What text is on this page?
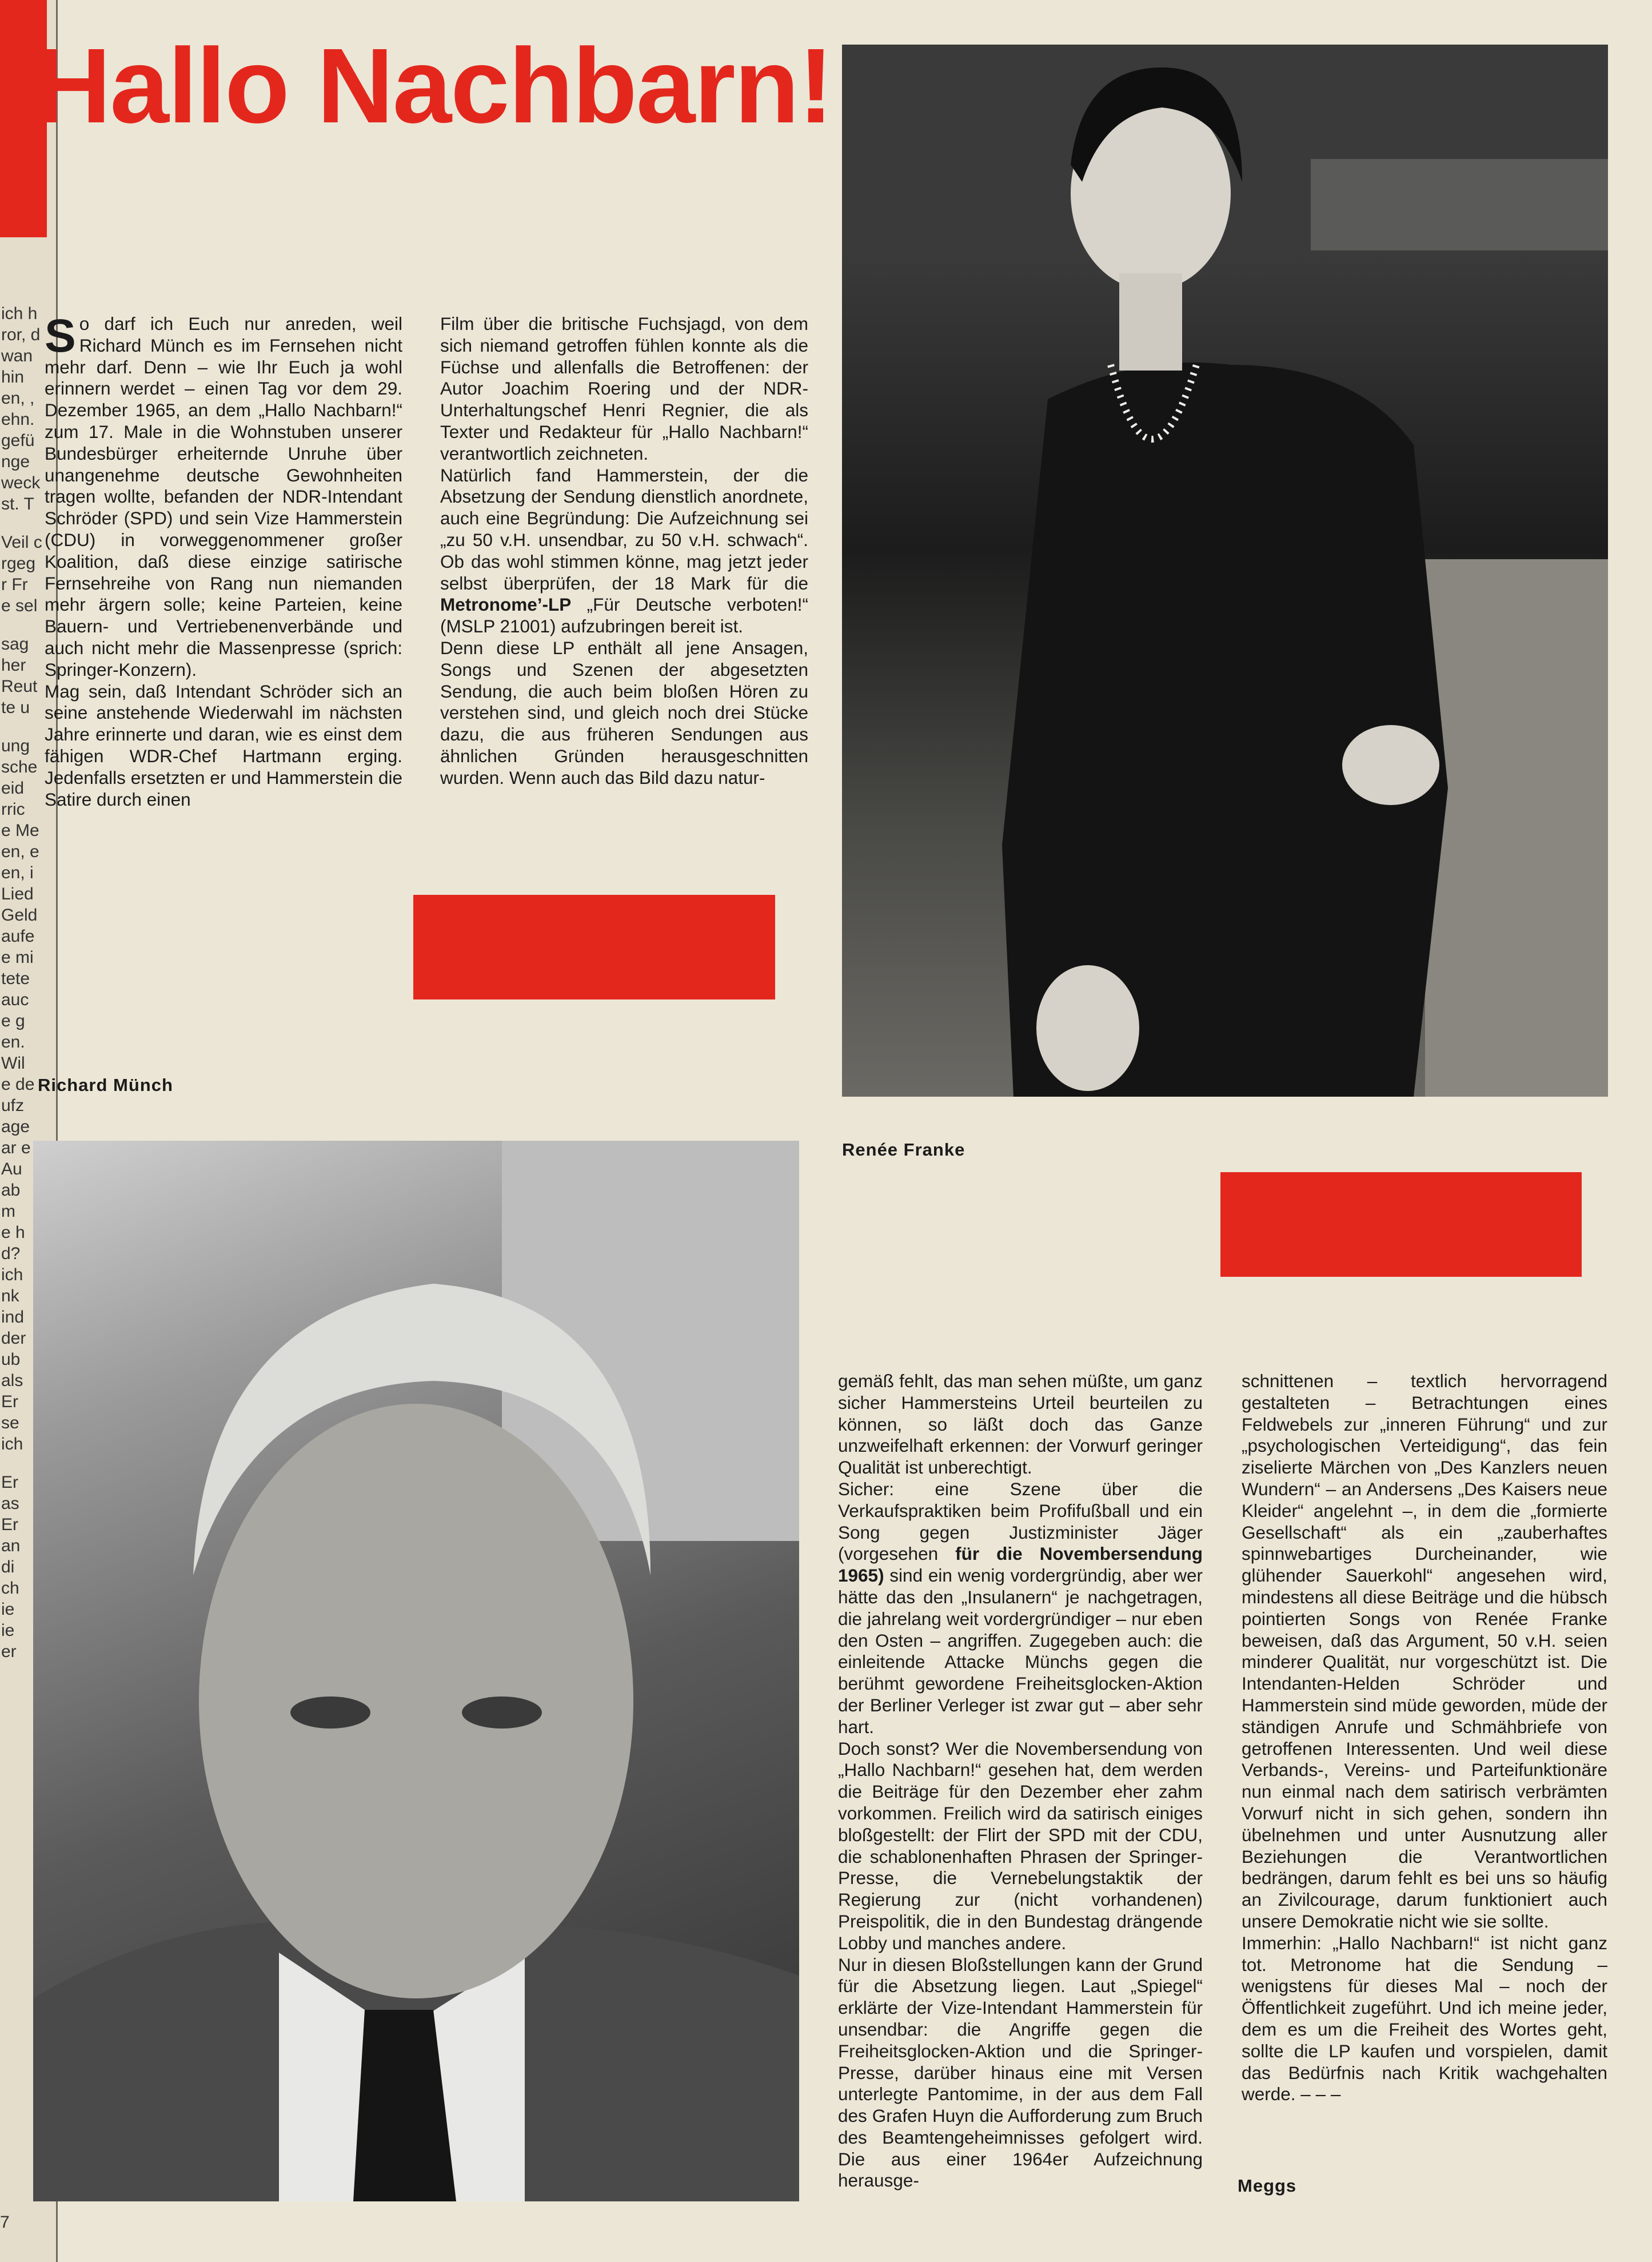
ich h
ror, d
wan
hin
en, ,
ehn.
gefü
nge
weck
st. T
Veil c
rgeg
r Fr
e sel
sag
her
Reut
te u
ung
sche
eid
rric
e Me
en, e
en, i
Lied
Geld
aufe
e mi
tete
auc
e g
en.
Wil
e de
ufz
age
ar e
Au
ab
m
e h
d?
ich
nk
ind
der
ub
als
Er
se
ich
Er
as
Er
an
di
ch
ie
ie
er
7
Hallo Nachbarn!

So darf ich Euch nur anreden, weil Richard Münch es im Fernsehen nicht mehr darf. Denn – wie Ihr Euch ja wohl erinnern werdet – einen Tag vor dem 29. Dezember 1965, an dem „Hallo Nachbarn!“ zum 17. Male in die Wohnstuben unserer Bundesbürger erheiternde Unruhe über unangenehme deutsche Gewohnheiten tragen wollte, befanden der NDR-Intendant Schröder (SPD) und sein Vize Hammerstein (CDU) in vorweggenommener großer Koalition, daß diese einzige satirische Fernsehreihe von Rang nun niemanden mehr ärgern solle; keine Parteien, keine Bauern- und Vertriebenenverbände und auch nicht mehr die Massenpresse (sprich: Springer-Konzern).

Mag sein, daß Intendant Schröder sich an seine anstehende Wiederwahl im nächsten Jahre erinnerte und daran, wie es einst dem fähigen WDR-Chef Hartmann erging. Jedenfalls ersetzten er und Hammerstein die Satire durch einen

Film über die britische Fuchsjagd, von dem sich niemand getroffen fühlen konnte als die Füchse und allenfalls die Betroffenen: der Autor Joachim Roering und der NDR-Unterhaltungschef Henri Regnier, die als Texter und Redakteur für „Hallo Nachbarn!“ verantwortlich zeichneten.

Natürlich fand Hammerstein, der die Absetzung der Sendung dienstlich anordnete, auch eine Begründung: Die Aufzeichnung sei „zu 50 v.H. unsendbar, zu 50 v.H. schwach“. Ob das wohl stimmen könne, mag jetzt jeder selbst überprüfen, der 18 Mark für die Metronome’-LP „Für Deutsche verboten!“ (MSLP 21001) aufzubringen bereit ist.

Denn diese LP enthält all jene Ansagen, Songs und Szenen der abgesetzten Sendung, die auch beim bloßen Hören zu verstehen sind, und gleich noch drei Stücke dazu, die aus früheren Sendungen aus ähnlichen Gründen herausgeschnitten wurden. Wenn auch das Bild dazu natur-

Richard Münch
Renée Franke

gemäß fehlt, das man sehen müßte, um ganz sicher Hammersteins Urteil beurteilen zu können, so läßt doch das Ganze unzweifelhaft erkennen: der Vorwurf geringer Qualität ist unberechtigt.

Sicher: eine Szene über die Verkaufspraktiken beim Profifußball und ein Song gegen Justizminister Jäger (vorgesehen für die Novembersendung 1965) sind ein wenig vordergründig, aber wer hätte das den „Insulanern“ je nachgetragen, die jahrelang weit vordergründiger – nur eben den Osten – angriffen. Zugegeben auch: die einleitende Attacke Münchs gegen die berühmt gewordene Freiheitsglocken-Aktion der Berliner Verleger ist zwar gut – aber sehr hart.

Doch sonst? Wer die Novembersendung von „Hallo Nachbarn!“ gesehen hat, dem werden die Beiträge für den Dezember eher zahm vorkommen. Freilich wird da satirisch einiges bloßgestellt: der Flirt der SPD mit der CDU, die schablonenhaften Phrasen der Springer-Presse, die Vernebelungstaktik der Regierung zur (nicht vorhandenen) Preispolitik, die in den Bundestag drängende Lobby und manches andere.

Nur in diesen Bloßstellungen kann der Grund für die Absetzung liegen. Laut „Spiegel“ erklärte der Vize-Intendant Hammerstein für unsendbar: die Angriffe gegen die Freiheitsglocken-Aktion und die Springer-Presse, darüber hinaus eine mit Versen unterlegte Pantomime, in der aus dem Fall des Grafen Huyn die Aufforderung zum Bruch des Beamtengeheimnisses gefolgert wird. Die aus einer 1964er Aufzeichnung herausge-

schnittenen – textlich hervorragend gestalteten – Betrachtungen eines Feldwebels zur „inneren Führung“ und zur „psychologischen Verteidigung“, das fein ziselierte Märchen von „Des Kanzlers neuen Wundern“ – an Andersens „Des Kaisers neue Kleider“ angelehnt –, in dem die „formierte Gesellschaft“ als ein „zauberhaftes spinnwebartiges Durcheinander, wie glühender Sauerkohl“ angesehen wird, mindestens all diese Beiträge und die hübsch pointierten Songs von Renée Franke beweisen, daß das Argument, 50 v.H. seien minderer Qualität, nur vorgeschützt ist. Die Intendanten-Helden Schröder und Hammerstein sind müde geworden, müde der ständigen Anrufe und Schmähbriefe von getroffenen Interessenten. Und weil diese Verbands-, Vereins- und Parteifunktionäre nun einmal nach dem satirisch verbrämten Vorwurf nicht in sich gehen, sondern ihn übelnehmen und unter Ausnutzung aller Beziehungen die Verantwortlichen bedrängen, darum fehlt es bei uns so häufig an Zivilcourage, darum funktioniert auch unsere Demokratie nicht wie sie sollte.

Immerhin: „Hallo Nachbarn!“ ist nicht ganz tot. Metronome hat die Sendung – wenigstens für dieses Mal – noch der Öffentlichkeit zugeführt. Und ich meine jeder, dem es um die Freiheit des Wortes geht, sollte die LP kaufen und vorspielen, damit das Bedürfnis nach Kritik wachgehalten werde. – – –

Meggs
